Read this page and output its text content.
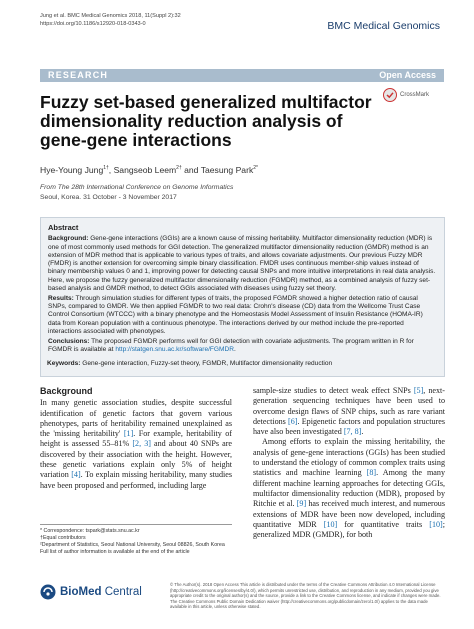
Jung et al. BMC Medical Genomics 2018, 11(Suppl 2):32
https://doi.org/10.1186/s12920-018-0343-0	BMC Medical Genomics
RESEARCH	Open Access
Fuzzy set-based generalized multifactor dimensionality reduction analysis of gene-gene interactions
CrossMark
Hye-Young Jung$^{1\dagger}$, Sangseob Leem$^{2\dagger}$ and Taesung Park$^{2*}$
From The 28th International Conference on Genome Informatics
Seoul, Korea. 31 October - 3 November 2017
Abstract

Background: Gene-gene interactions (GGIs) are a known cause of missing heritability. Multifactor dimensionality reduction (MDR) is one of most commonly used methods for GGI detection. The generalized multifactor dimensionality reduction (GMDR) method is an extension of MDR method that is applicable to various types of traits, and allows covariate adjustments. Our previous Fuzzy MDR (FMDR) is another extension for overcoming simple binary classification. FMDR uses continuous member-ship values instead of binary membership values 0 and 1, improving power for detecting causal SNPs and more intuitive interpretations in real data analysis. Here, we propose the fuzzy generalized multifactor dimensionality reduction (FGMDR) method, as a combined analysis of fuzzy set-based analysis and GMDR method, to detect GGIs associated with diseases using fuzzy set theory.

Results: Through simulation studies for different types of traits, the proposed FGMDR showed a higher detection ratio of causal SNPs, compared to GMDR. We then applied FGMDR to two real data: Crohn's disease (CD) data from the Wellcome Trust Case Control Consortium (WTCCC) with a binary phenotype and the Homeostasis Model Assessment of Insulin Resistance (HOMA-IR) data from Korean population with a continuous phenotype. The interactions derived by our method include the pre-reported interactions associated with phenotypes.

Conclusions: The proposed FGMDR performs well for GGI detection with covariate adjustments. The program written in R for FGMDR is available at http://statgen.snu.ac.kr/software/FGMDR.

Keywords: Gene-gene interaction, Fuzzy-set theory, FGMDR, Multifactor dimensionality reduction
Background

In many genetic association studies, despite successful identification of genetic factors that govern various phenotypes, parts of heritability remained unexplained as the 'missing heritability' [1]. For example, heritability of height is assessed 55–81% [2, 3] and about 40 SNPs are discovered by their association with the height. However, these genetic variations explain only 5% of height variation [4]. To explain missing heritability, many studies have been proposed and performed, including large

sample-size studies to detect weak effect SNPs [5], next-generation sequencing techniques have been used to overcome design flaws of SNP chips, such as rare variant detections [6]. Epigenetic factors and population structures have also been investigated [7, 8].

Among efforts to explain the missing heritability, the analysis of gene-gene interactions (GGIs) has been studied to understand the etiology of common complex traits using statistics and machine learning [8]. Among the many different machine learning approaches for detecting GGIs, multifactor dimensionality reduction (MDR), proposed by Ritchie et al. [9] has received much interest, and numerous extensions of MDR have been now developed, including quantitative MDR [10] for quantitative traits [10]; generalized MDR (GMDR), for both

* Correspondence: tspark@stats.snu.ac.kr
†Equal contributors
²Department of Statistics, Seoul National University, Seoul 08826, South Korea
Full list of author information is available at the end of the article
BioMed Central
© The Author(s). 2018 Open Access This article is distributed under the terms of the Creative Commons Attribution 4.0 International License (http://creativecommons.org/licenses/by/4.0/), which permits unrestricted use, distribution, and reproduction in any medium, provided you give appropriate credit to the original author(s) and the source, provide a link to the Creative Commons license, and indicate if changes were made. The Creative Commons Public Domain Dedication waiver (http://creativecommons.org/publicdomain/zero/1.0/) applies to the data made available in this article, unless otherwise stated.
